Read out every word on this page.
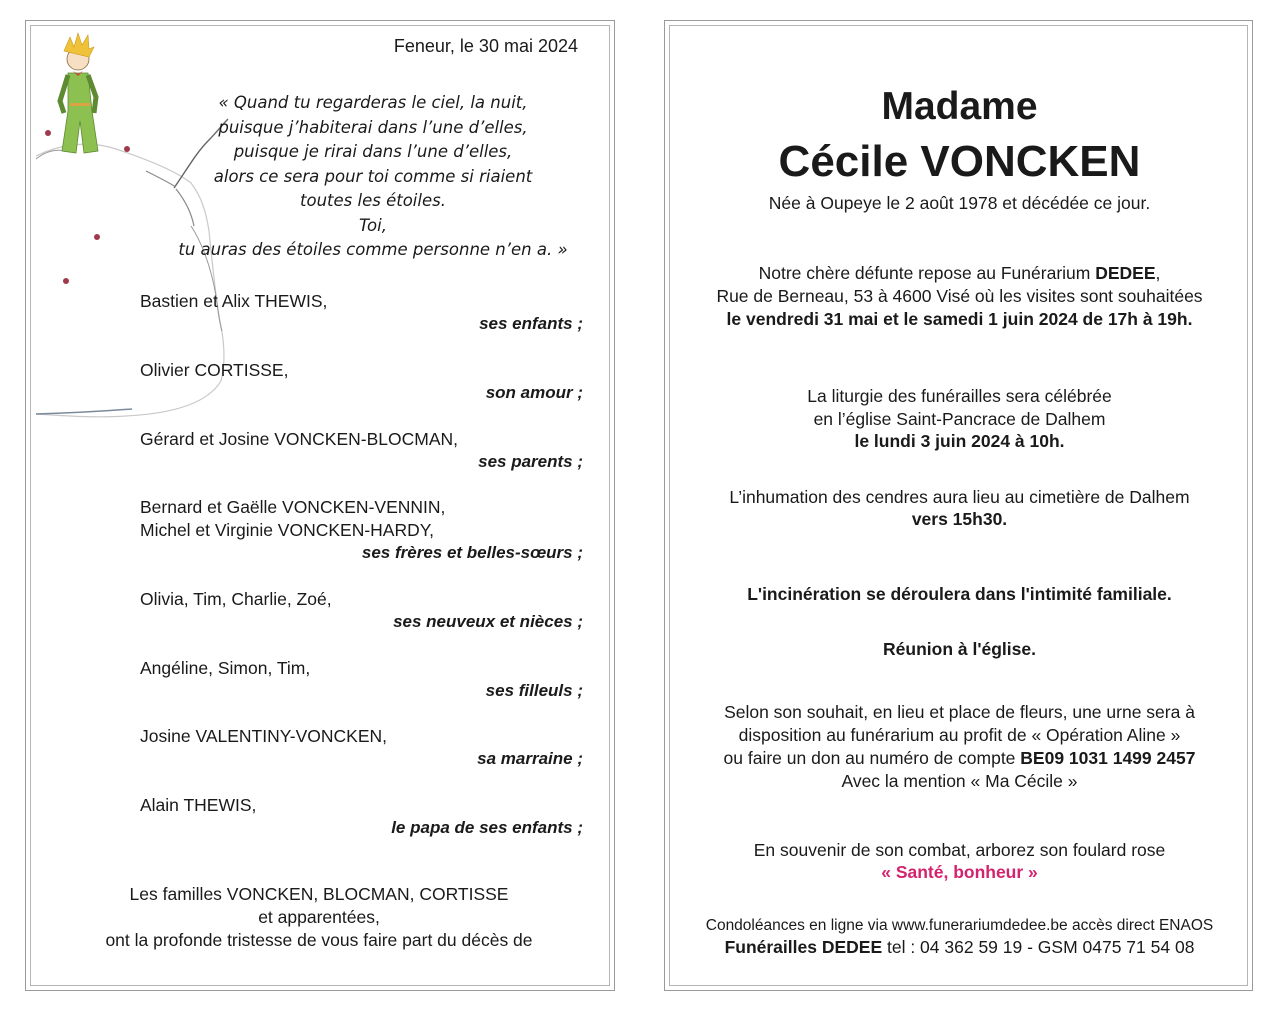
Feneur, le 30 mai 2024
« Quand tu regarderas le ciel, la nuit,
puisque j’habiterai dans l’une d’elles,
puisque je rirai dans l’une d’elles,
alors ce sera pour toi comme si riaient
toutes les étoiles.
Toi,
tu auras des étoiles comme personne n’en a. »
Bastien et Alix THEWIS,
ses enfants ;
Olivier CORTISSE,
son amour ;
Gérard et Josine VONCKEN-BLOCMAN,
ses parents ;
Bernard et Gaëlle VONCKEN-VENNIN,
Michel et Virginie VONCKEN-HARDY,
ses frères et belles-sœurs ;
Olivia, Tim, Charlie, Zoé,
ses neuveux et nièces ;
Angéline, Simon, Tim,
ses filleuls ;
Josine VALENTINY-VONCKEN,
sa marraine ;
Alain THEWIS,
le papa de ses enfants ;
Les familles VONCKEN, BLOCMAN, CORTISSE
et apparentées,
ont la profonde tristesse de vous faire part du décès de
Madame
Cécile VONCKEN
Née à Oupeye le 2 août 1978 et décédée ce jour.
Notre chère défunte repose au Funérarium DEDEE,
Rue de Berneau, 53 à 4600 Visé où les visites sont souhaitées
le vendredi 31 mai et le samedi 1 juin 2024 de 17h à 19h.
La liturgie des funérailles sera célébrée
en l’église Saint-Pancrace de Dalhem
le lundi 3 juin 2024 à 10h.
L’inhumation des cendres aura lieu au cimetière de Dalhem
vers 15h30.
L'incinération se déroulera dans l'intimité familiale.
Réunion à l'église.
Selon son souhait, en lieu et place de fleurs, une urne sera à
disposition au funérarium au profit de « Opération Aline »
ou faire un don au numéro de compte BE09 1031 1499 2457
Avec la mention « Ma Cécile »
En souvenir de son combat, arborez son foulard rose
« Santé, bonheur »
Condoléances en ligne via www.funerariumdedee.be accès direct ENAOS
Funérailles DEDEE tel : 04 362 59 19 - GSM 0475 71 54 08
